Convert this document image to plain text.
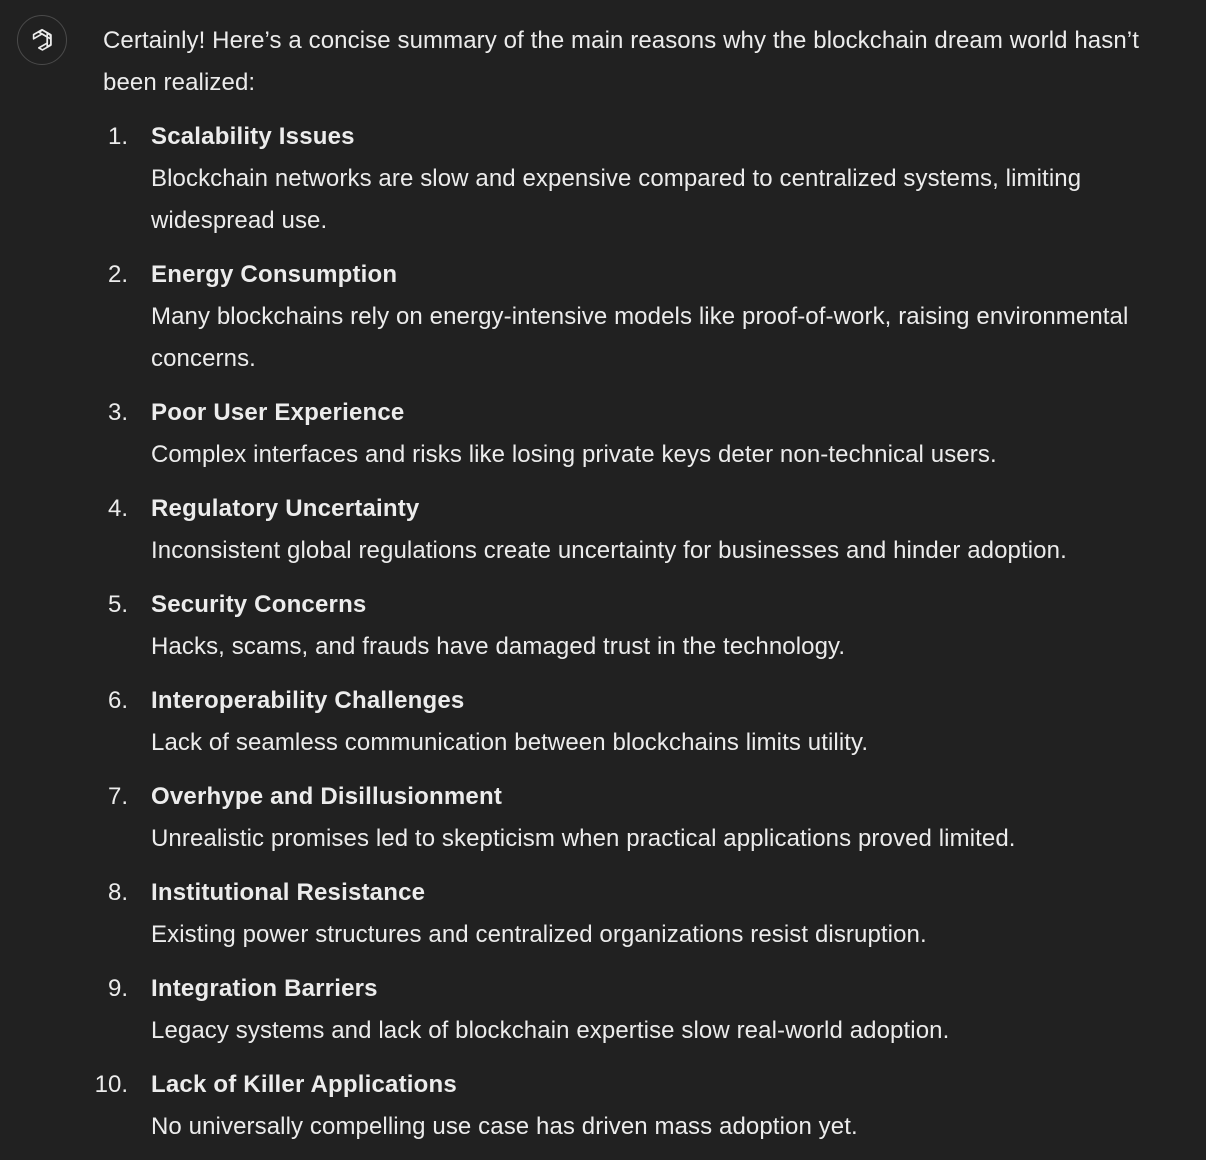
Certainly! Here’s a concise summary of the main reasons why the blockchain dream world hasn’t been realized:

1. Scalability Issues
Blockchain networks are slow and expensive compared to centralized systems, limiting widespread use.
2. Energy Consumption
Many blockchains rely on energy-intensive models like proof-of-work, raising environmental concerns.
3. Poor User Experience
Complex interfaces and risks like losing private keys deter non-technical users.
4. Regulatory Uncertainty
Inconsistent global regulations create uncertainty for businesses and hinder adoption.
5. Security Concerns
Hacks, scams, and frauds have damaged trust in the technology.
6. Interoperability Challenges
Lack of seamless communication between blockchains limits utility.
7. Overhype and Disillusionment
Unrealistic promises led to skepticism when practical applications proved limited.
8. Institutional Resistance
Existing power structures and centralized organizations resist disruption.
9. Integration Barriers
Legacy systems and lack of blockchain expertise slow real-world adoption.
10. Lack of Killer Applications
No universally compelling use case has driven mass adoption yet.
